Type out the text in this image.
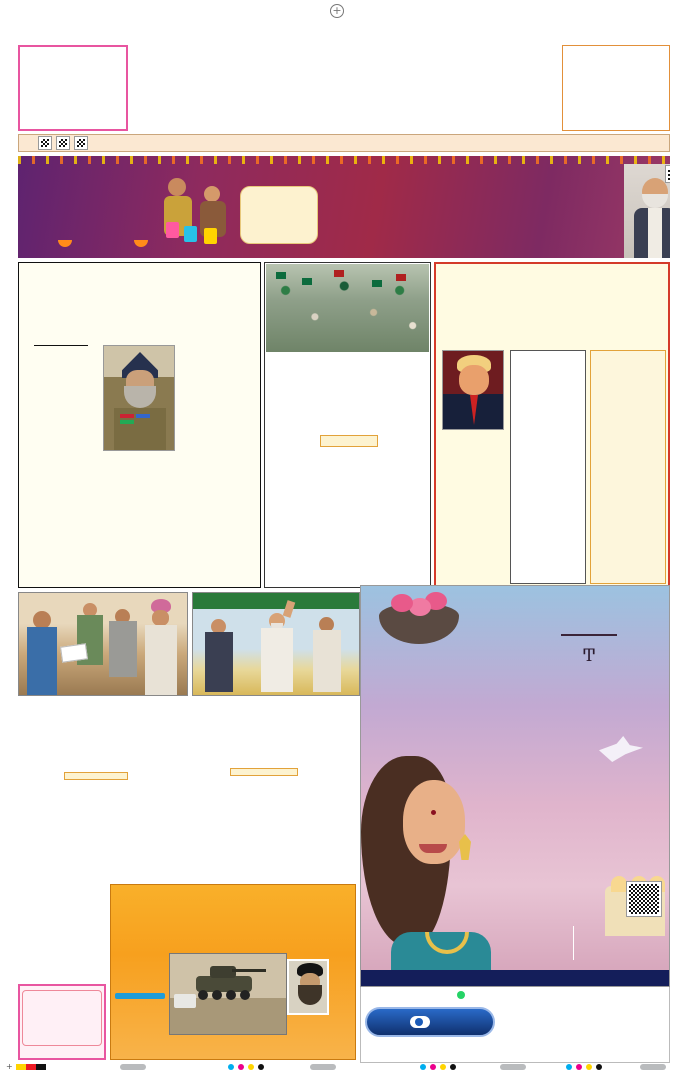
+
Ͳ
+
